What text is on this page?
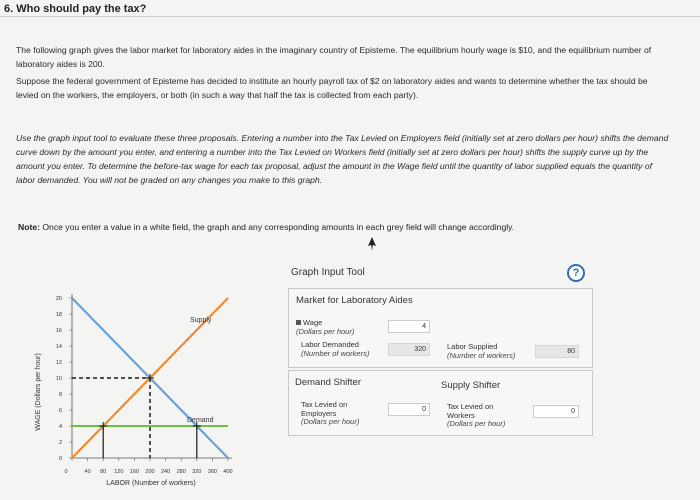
6. Who should pay the tax?
The following graph gives the labor market for laboratory aides in the imaginary country of Episteme. The equilibrium hourly wage is $10, and the equilibrium number of laboratory aides is 200.
Suppose the federal government of Episteme has decided to institute an hourly payroll tax of $2 on laboratory aides and wants to determine whether the tax should be levied on the workers, the employers, or both (in such a way that half the tax is collected from each party).
Use the graph input tool to evaluate these three proposals. Entering a number into the Tax Levied on Employers field (initially set at zero dollars per hour) shifts the demand curve down by the amount you enter, and entering a number into the Tax Levied on Workers field (initially set at zero dollars per hour) shifts the supply curve up by the amount you enter. To determine the before-tax wage for each tax proposal, adjust the amount in the Wage field until the quantity of labor supplied equals the quantity of labor demanded. You will not be graded on any changes you make to this graph.
Note: Once you enter a value in a white field, the graph and any corresponding amounts in each grey field will change accordingly.
WAGE (Dollars per hour)
LABOR (Number of workers)
20
18
16
14
12
10
8
6
4
2
0
0	40 80 120 160 200 240 280 320 360 400
Supply
Demand
Graph Input Tool	?
Market for Laboratory Aides
Wage
(Dollars per hour)	4
Labor Demanded
(Number of workers)	320	Labor Supplied
(Number of workers)	80
Demand Shifter	Supply Shifter
Tax Levied on
Employers
(Dollars per hour)
0	Tax Levied on
Workers
(Dollars per hour)
0
